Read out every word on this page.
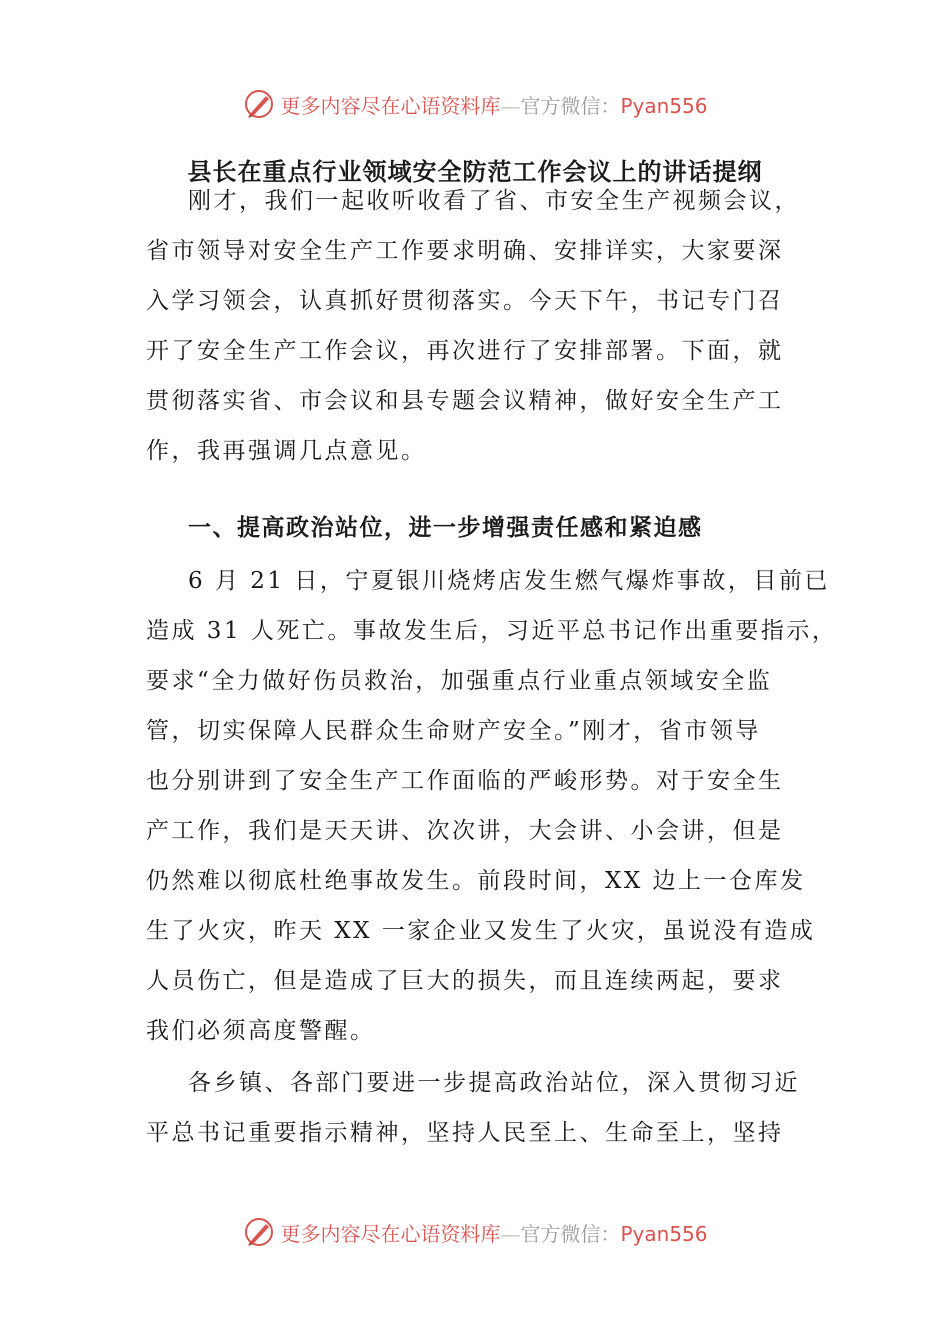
更多内容尽在心语资料库—官方微信：Pyan556
县长在重点行业领域安全防范工作会议上的讲话提纲
刚才，我们一起收听收看了省、市安全生产视频会议，
省市领导对安全生产工作要求明确、安排详实，大家要深
入学习领会，认真抓好贯彻落实。今天下午，书记专门召
开了安全生产工作会议，再次进行了安排部署。下面，就
贯彻落实省、市会议和县专题会议精神，做好安全生产工
作，我再强调几点意见。
一、提高政治站位，进一步增强责任感和紧迫感
6 月 21 日，宁夏银川烧烤店发生燃气爆炸事故，目前已
造成 31 人死亡。事故发生后，习近平总书记作出重要指示，
要求“全力做好伤员救治，加强重点行业重点领域安全监
管，切实保障人民群众生命财产安全。”刚才，省市领导
也分别讲到了安全生产工作面临的严峻形势。对于安全生
产工作，我们是天天讲、次次讲，大会讲、小会讲，但是
仍然难以彻底杜绝事故发生。前段时间，XX 边上一仓库发
生了火灾，昨天 XX 一家企业又发生了火灾，虽说没有造成
人员伤亡，但是造成了巨大的损失，而且连续两起，要求
我们必须高度警醒。
各乡镇、各部门要进一步提高政治站位，深入贯彻习近
平总书记重要指示精神，坚持人民至上、生命至上，坚持
更多内容尽在心语资料库—官方微信：Pyan556
